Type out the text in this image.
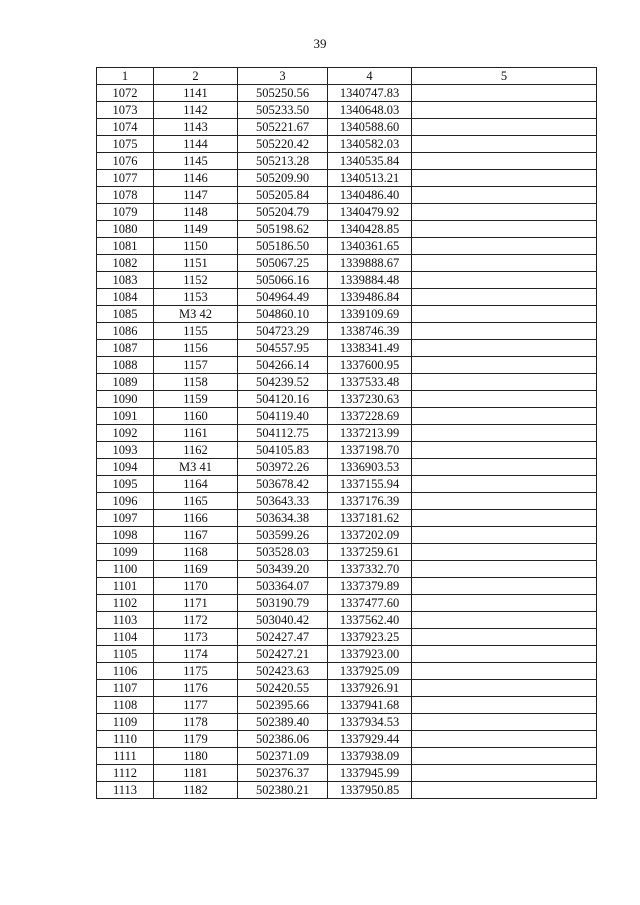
39
1	2	3	4	5
1072	1141	505250.56	1340747.83	
1073	1142	505233.50	1340648.03	
1074	1143	505221.67	1340588.60	
1075	1144	505220.42	1340582.03	
1076	1145	505213.28	1340535.84	
1077	1146	505209.90	1340513.21	
1078	1147	505205.84	1340486.40	
1079	1148	505204.79	1340479.92	
1080	1149	505198.62	1340428.85	
1081	1150	505186.50	1340361.65	
1082	1151	505067.25	1339888.67	
1083	1152	505066.16	1339884.48	
1084	1153	504964.49	1339486.84	
1085	МЗ 42	504860.10	1339109.69	
1086	1155	504723.29	1338746.39	
1087	1156	504557.95	1338341.49	
1088	1157	504266.14	1337600.95	
1089	1158	504239.52	1337533.48	
1090	1159	504120.16	1337230.63	
1091	1160	504119.40	1337228.69	
1092	1161	504112.75	1337213.99	
1093	1162	504105.83	1337198.70	
1094	МЗ 41	503972.26	1336903.53	
1095	1164	503678.42	1337155.94	
1096	1165	503643.33	1337176.39	
1097	1166	503634.38	1337181.62	
1098	1167	503599.26	1337202.09	
1099	1168	503528.03	1337259.61	
1100	1169	503439.20	1337332.70	
1101	1170	503364.07	1337379.89	
1102	1171	503190.79	1337477.60	
1103	1172	503040.42	1337562.40	
1104	1173	502427.47	1337923.25	
1105	1174	502427.21	1337923.00	
1106	1175	502423.63	1337925.09	
1107	1176	502420.55	1337926.91	
1108	1177	502395.66	1337941.68	
1109	1178	502389.40	1337934.53	
1110	1179	502386.06	1337929.44	
1111	1180	502371.09	1337938.09	
1112	1181	502376.37	1337945.99	
1113	1182	502380.21	1337950.85	
